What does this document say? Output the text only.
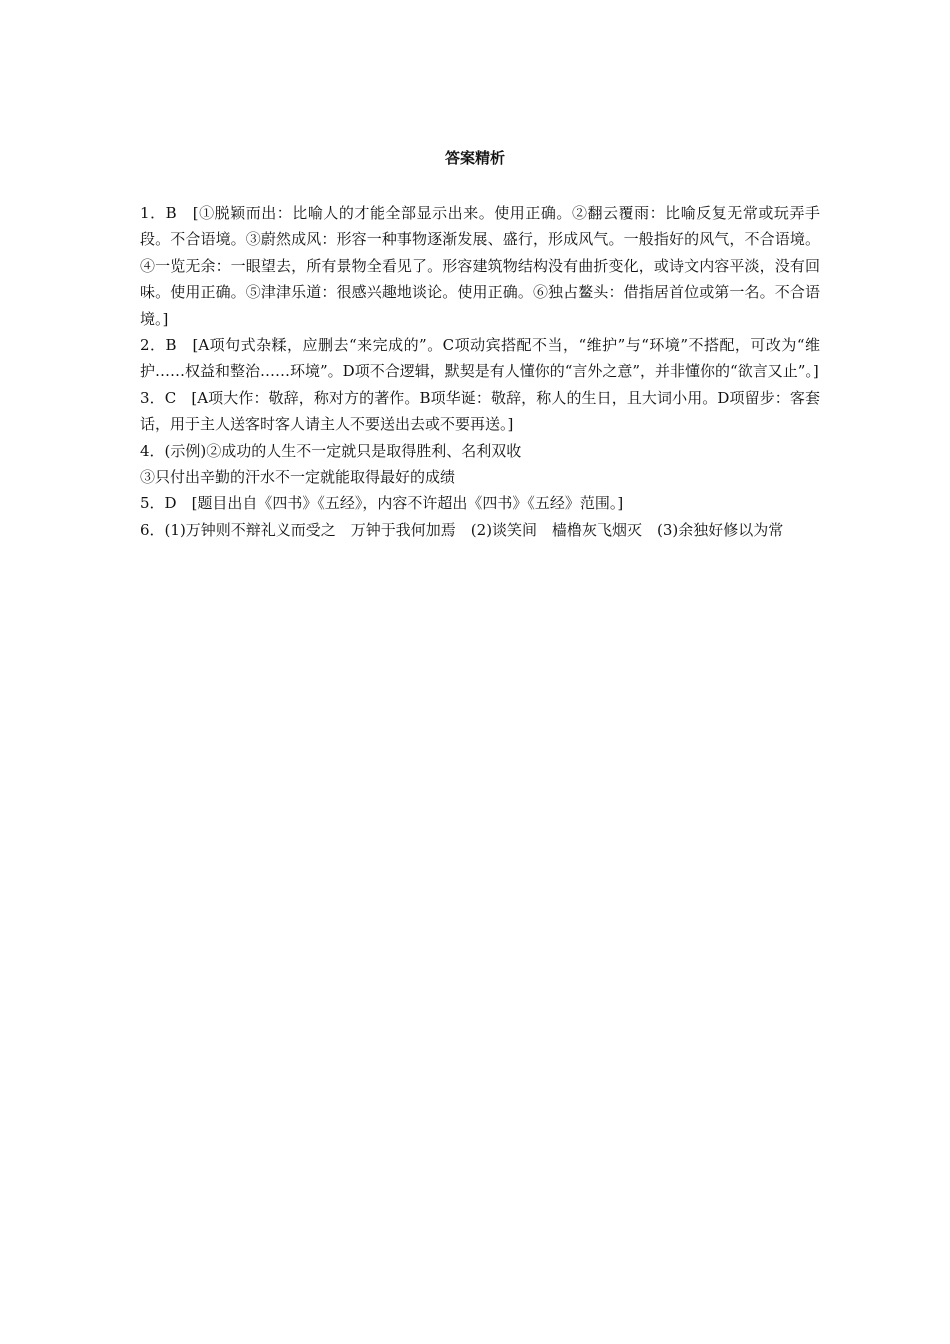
答案精析

1．B　[①脱颖而出：比喻人的才能全部显示出来。使用正确。②翻云覆雨：比喻反复无常或玩弄手段。不合语境。③蔚然成风：形容一种事物逐渐发展、盛行，形成风气。一般指好的风气，不合语境。④一览无余：一眼望去，所有景物全看见了。形容建筑物结构没有曲折变化，或诗文内容平淡，没有回味。使用正确。⑤津津乐道：很感兴趣地谈论。使用正确。⑥独占鳌头：借指居首位或第一名。不合语境。]

2．B　[A项句式杂糅，应删去“来完成的”。C项动宾搭配不当，“维护”与“环境”不搭配，可改为“维护……权益和整治……环境”。D项不合逻辑，默契是有人懂你的“言外之意”，并非懂你的“欲言又止”。]

3．C　[A项大作：敬辞，称对方的著作。B项华诞：敬辞，称人的生日，且大词小用。D项留步：客套话，用于主人送客时客人请主人不要送出去或不要再送。]

4．(示例)②成功的人生不一定就只是取得胜利、名利双收

③只付出辛勤的汗水不一定就能取得最好的成绩

5．D　[题目出自《四书》《五经》，内容不许超出《四书》《五经》范围。]

6．(1)万钟则不辩礼义而受之　万钟于我何加焉　(2)谈笑间　樯橹灰飞烟灭　(3)余独好修以为常
